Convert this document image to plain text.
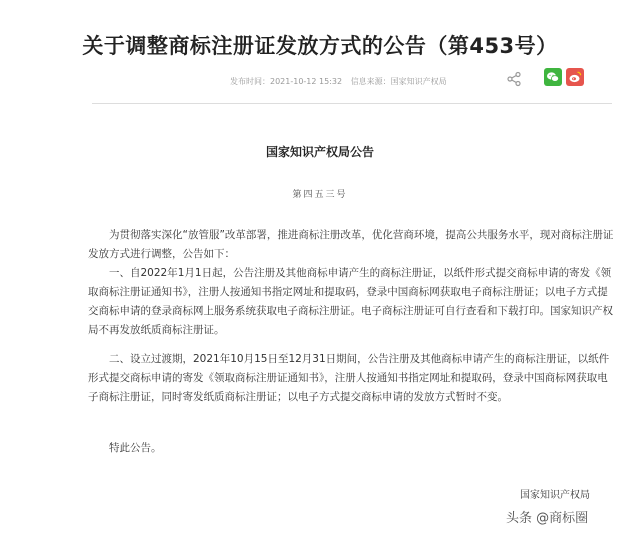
关于调整商标注册证发放方式的公告（第453号）
发布时间：2021-10-12 15:32 信息来源：国家知识产权局
国家知识产权局公告
第四五三号

为贯彻落实深化“放管服”改革部署，推进商标注册改革，优化营商环境，提高公共服务水平，现对商标注册证发放方式进行调整，公告如下：

一、自2022年1月1日起，公告注册及其他商标申请产生的商标注册证，以纸件形式提交商标申请的寄发《领取商标注册证通知书》，注册人按通知书指定网址和提取码，登录中国商标网获取电子商标注册证；以电子方式提交商标申请的登录商标网上服务系统获取电子商标注册证。电子商标注册证可自行查看和下载打印。国家知识产权局不再发放纸质商标注册证。

二、设立过渡期，2021年10月15日至12月31日期间，公告注册及其他商标申请产生的商标注册证，以纸件形式提交商标申请的寄发《领取商标注册证通知书》，注册人按通知书指定网址和提取码，登录中国商标网获取电子商标注册证，同时寄发纸质商标注册证；以电子方式提交商标申请的发放方式暂时不变。

特此公告。

国家知识产权局
头条 @商标圈
